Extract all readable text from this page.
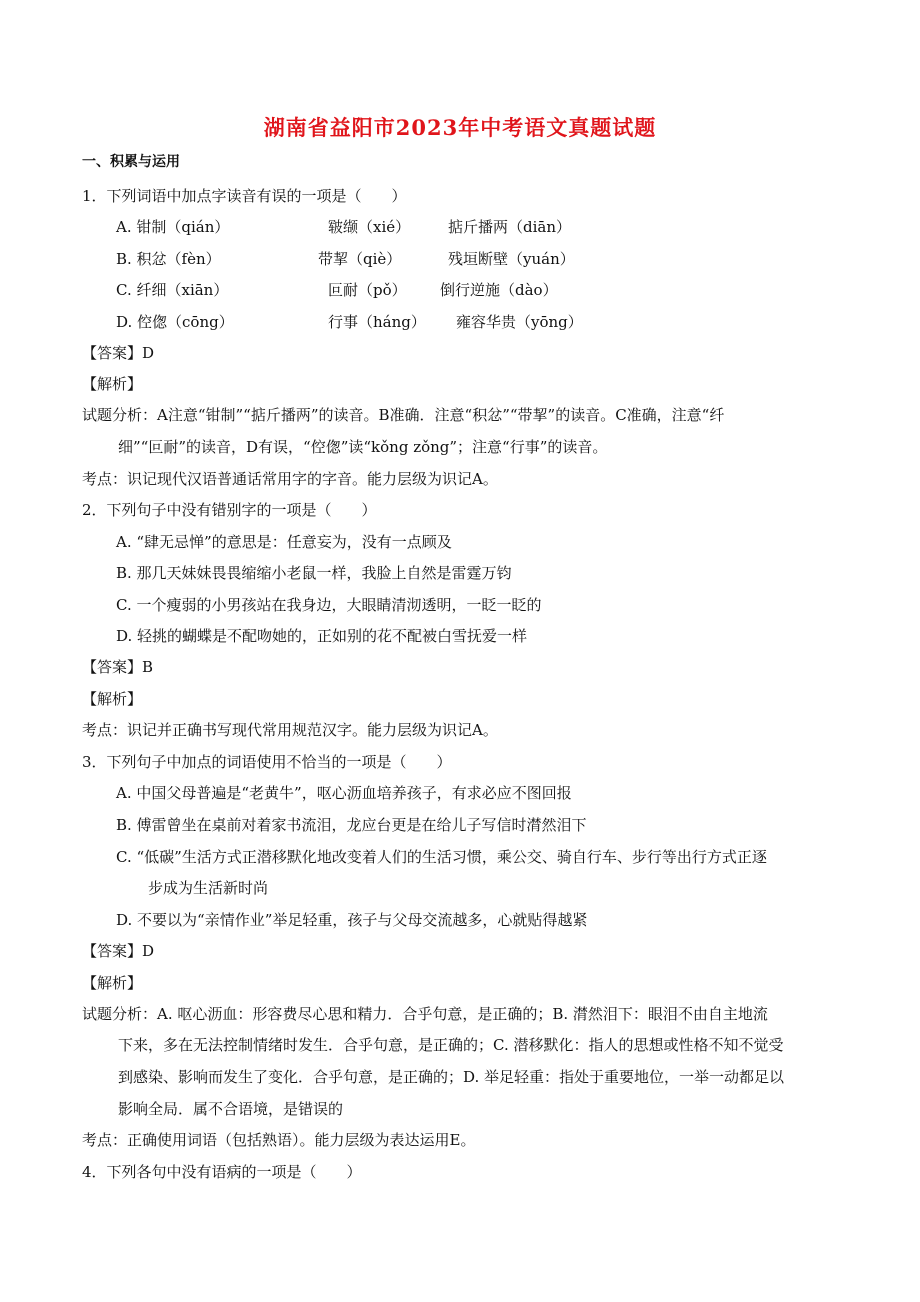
湖南省益阳市2023年中考语文真题试题
一、积累与运用
1．下列词语中加点字读音有误的一项是（　　）
A. 钳制（qián）	皲缬（xié）	掂斤播两（diān）
B. 积忿（fèn）	带挈（qiè）	残垣断壁（yuán）
C. 纤细（xiān）	叵耐（pǒ） 倒行逆施（dào）
D. 倥偬（cōng）	行事（háng） 雍容华贵（yōng）
【答案】D
【解析】
试题分析：A注意“钳制”“掂斤播两”的读音。B准确．注意“积忿”“带挈”的读音。C准确，注意“纤
细”“叵耐”的读音，D有误，“倥偬”读“kǒng zǒng”；注意“行事”的读音。
考点：识记现代汉语普通话常用字的字音。能力层级为识记A。
2．下列句子中没有错别字的一项是（　　）
A. “肆无忌惮”的意思是：任意妄为，没有一点顾及
B. 那几天妹妹畏畏缩缩小老鼠一样，我脸上自然是雷霆万钧
C. 一个瘦弱的小男孩站在我身边，大眼睛清沏透明，一眨一眨的
D. 轻挑的蝴蝶是不配吻她的，正如别的花不配被白雪抚爱一样
【答案】B
【解析】
考点：识记并正确书写现代常用规范汉字。能力层级为识记A。
3．下列句子中加点的词语使用不恰当的一项是（　　）
A. 中国父母普遍是“老黄牛”，呕心沥血培养孩子，有求必应不图回报
B. 傅雷曾坐在桌前对着家书流泪，龙应台更是在给儿子写信时潸然泪下
C. “低碳”生活方式正潜移默化地改变着人们的生活习惯，乘公交、骑自行车、步行等出行方式正逐
步成为生活新时尚
D. 不要以为“亲情作业”举足轻重，孩子与父母交流越多，心就贴得越紧
【答案】D
【解析】
试题分析：A. 呕心沥血：形容费尽心思和精力．合乎句意，是正确的；B. 潸然泪下：眼泪不由自主地流
下来，多在无法控制情绪时发生．合乎句意，是正确的；C. 潜移默化：指人的思想或性格不知不觉受
到感染、影响而发生了变化．合乎句意，是正确的；D. 举足轻重：指处于重要地位，一举一动都足以
影响全局．属不合语境，是错误的
考点：正确使用词语（包括熟语）。能力层级为表达运用E。
4．下列各句中没有语病的一项是（　　）
